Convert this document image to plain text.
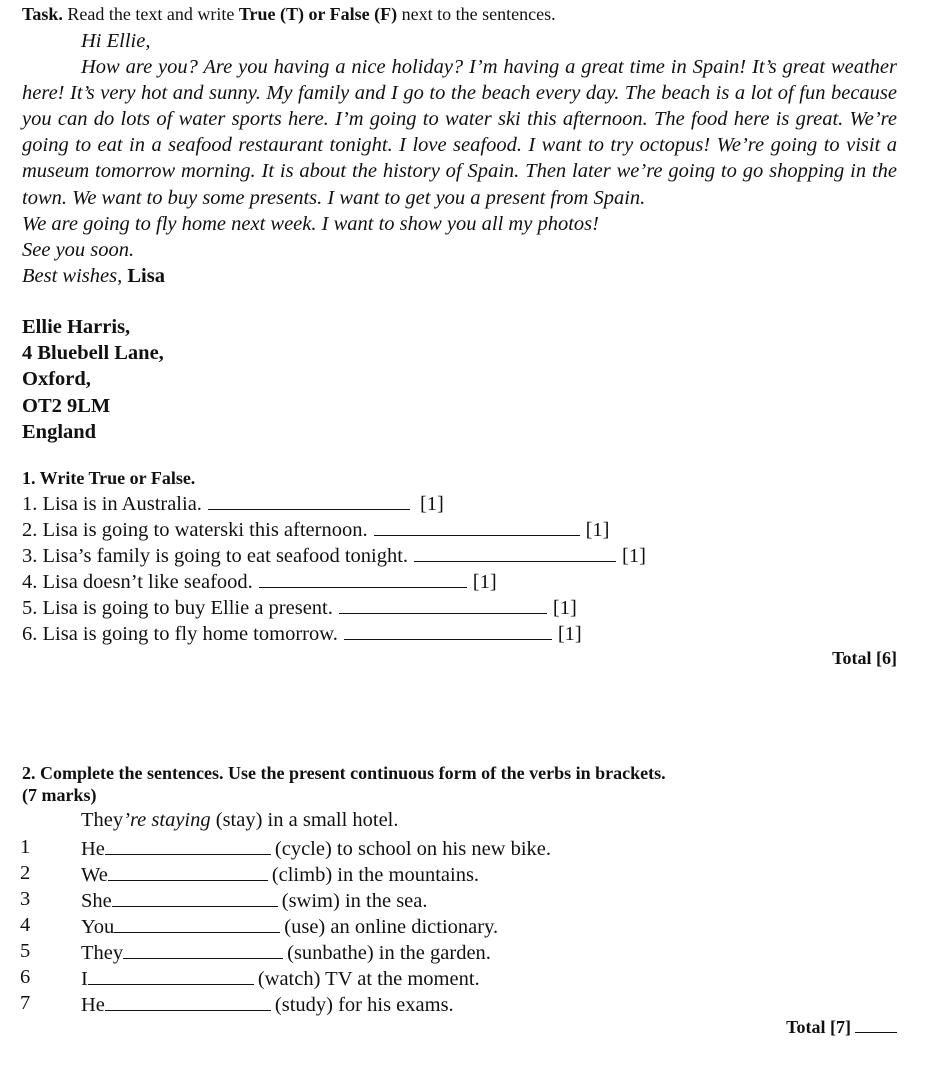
Task. Read the text and write True (T) or False (F) next to the sentences.
Hi Ellie,
How are you? Are you having a nice holiday? I’m having a great time in Spain! It’s great weather here! It’s very hot and sunny. My family and I go to the beach every day. The beach is a lot of fun because you can do lots of water sports here. I’m going to water ski this afternoon. The food here is great. We’re going to eat in a seafood restaurant tonight. I love seafood. I want to try octopus! We’re going to visit a museum tomorrow morning. It is about the history of Spain. Then later we’re going to go shopping in the town. We want to buy some presents. I want to get you a present from Spain.
We are going to fly home next week. I want to show you all my photos!
See you soon.
Best wishes, Lisa
Ellie Harris,
4 Bluebell Lane,
Oxford,
OT2 9LM
England
1. Write True or False.
1. Lisa is in Australia.	[1]
2. Lisa is going to waterski this afternoon.	[1]
3. Lisa’s family is going to eat seafood tonight.	[1]
4. Lisa doesn’t like seafood.	[1]
5. Lisa is going to buy Ellie a present.	[1]
6. Lisa is going to fly home tomorrow.	[1]
Total [6]
2. Complete the sentences. Use the present continuous form of the verbs in brackets.
(7 marks)
They’re staying (stay) in a small hotel.
1 He	(cycle) to school on his new bike.
2 We	(climb) in the mountains.
3 She	(swim) in the sea.
4 You	(use) an online dictionary.
5 They	(sunbathe) in the garden.
6 I	(watch) TV at the moment.
7 He	(study) for his exams.
Total [7]
